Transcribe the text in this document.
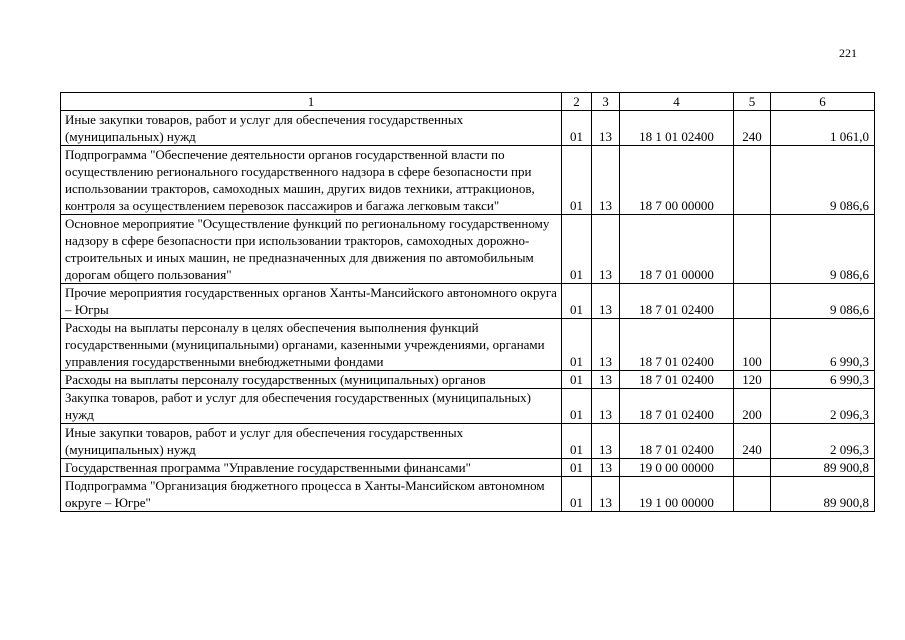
221
1	2	3	4	5	6
Иные закупки товаров, работ и услуг для обеспечения государственных (муниципальных) нужд	01	13	18 1 01 02400	240	1 061,0
Подпрограмма "Обеспечение деятельности органов государственной власти по осуществлению регионального государственного надзора в сфере безопасности при использовании тракторов, самоходных машин, других видов техники, аттракционов, контроля за осуществлением перевозок пассажиров и багажа легковым такси"	01	13	18 7 00 00000		9 086,6
Основное мероприятие "Осуществление функций по региональному государственному надзору в сфере безопасности при использовании тракторов, самоходных дорожно-строительных и иных машин, не предназначенных для движения по автомобильным дорогам общего пользования"	01	13	18 7 01 00000		9 086,6
Прочие мероприятия государственных органов Ханты-Мансийского автономного округа – Югры	01	13	18 7 01 02400		9 086,6
Расходы на выплаты персоналу в целях обеспечения выполнения функций государственными (муниципальными) органами, казенными учреждениями, органами управления государственными внебюджетными фондами	01	13	18 7 01 02400	100	6 990,3
Расходы на выплаты персоналу государственных (муниципальных) органов	01	13	18 7 01 02400	120	6 990,3
Закупка товаров, работ и услуг для обеспечения государственных (муниципальных) нужд	01	13	18 7 01 02400	200	2 096,3
Иные закупки товаров, работ и услуг для обеспечения государственных (муниципальных) нужд	01	13	18 7 01 02400	240	2 096,3
Государственная программа "Управление государственными финансами"	01	13	19 0 00 00000		89 900,8
Подпрограмма "Организация бюджетного процесса в Ханты-Мансийском автономном округе – Югре"	01	13	19 1 00 00000		89 900,8
